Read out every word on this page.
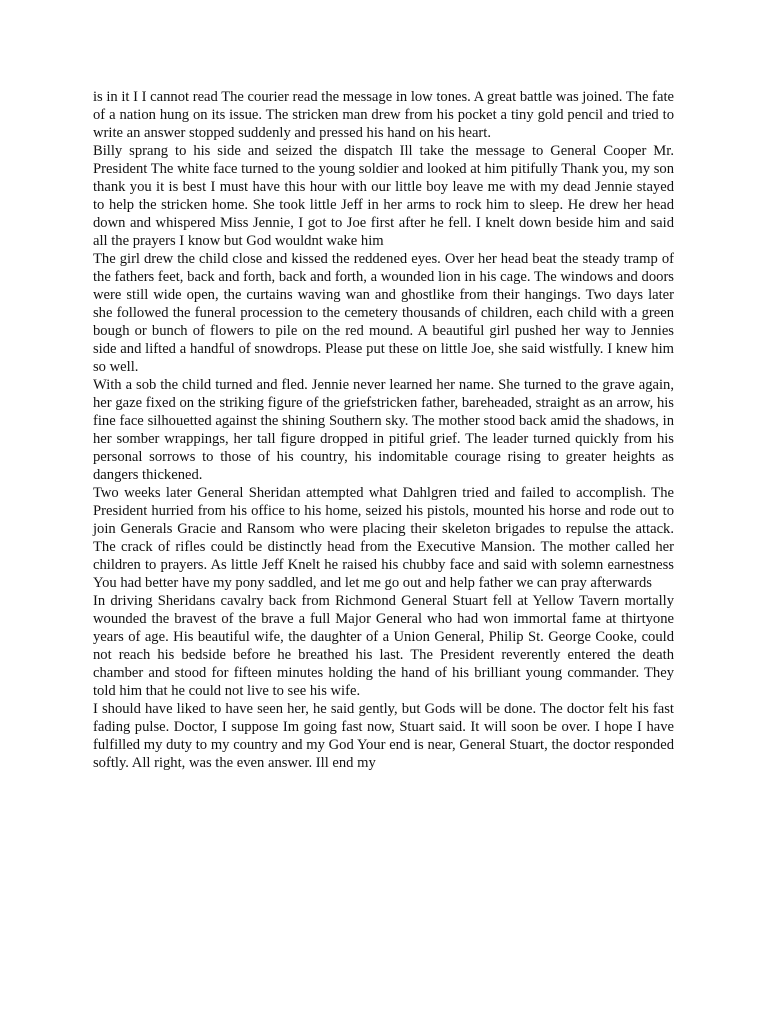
is in it I I cannot read The courier read the message in low tones. A great battle was joined. The fate of a nation hung on its issue. The stricken man drew from his pocket a tiny gold pencil and tried to write an answer stopped suddenly and pressed his hand on his heart.

Billy sprang to his side and seized the dispatch Ill take the message to General Cooper Mr. President The white face turned to the young soldier and looked at him pitifully Thank you, my son thank you it is best I must have this hour with our little boy leave me with my dead Jennie stayed to help the stricken home. She took little Jeff in her arms to rock him to sleep. He drew her head down and whispered Miss Jennie, I got to Joe first after he fell. I knelt down beside him and said all the prayers I know but God wouldnt wake him

The girl drew the child close and kissed the reddened eyes. Over her head beat the steady tramp of the fathers feet, back and forth, back and forth, a wounded lion in his cage. The windows and doors were still wide open, the curtains waving wan and ghostlike from their hangings. Two days later she followed the funeral procession to the cemetery thousands of children, each child with a green bough or bunch of flowers to pile on the red mound. A beautiful girl pushed her way to Jennies side and lifted a handful of snowdrops. Please put these on little Joe, she said wistfully. I knew him so well.

With a sob the child turned and fled. Jennie never learned her name. She turned to the grave again, her gaze fixed on the striking figure of the griefstricken father, bareheaded, straight as an arrow, his fine face silhouetted against the shining Southern sky. The mother stood back amid the shadows, in her somber wrappings, her tall figure dropped in pitiful grief. The leader turned quickly from his personal sorrows to those of his country, his indomitable courage rising to greater heights as dangers thickened.

Two weeks later General Sheridan attempted what Dahlgren tried and failed to accomplish. The President hurried from his office to his home, seized his pistols, mounted his horse and rode out to join Generals Gracie and Ransom who were placing their skeleton brigades to repulse the attack. The crack of rifles could be distinctly head from the Executive Mansion. The mother called her children to prayers. As little Jeff Knelt he raised his chubby face and said with solemn earnestness You had better have my pony saddled, and let me go out and help father we can pray afterwards

In driving Sheridans cavalry back from Richmond General Stuart fell at Yellow Tavern mortally wounded the bravest of the brave a full Major General who had won immortal fame at thirtyone years of age. His beautiful wife, the daughter of a Union General, Philip St. George Cooke, could not reach his bedside before he breathed his last. The President reverently entered the death chamber and stood for fifteen minutes holding the hand of his brilliant young commander. They told him that he could not live to see his wife.

I should have liked to have seen her, he said gently, but Gods will be done. The doctor felt his fast fading pulse. Doctor, I suppose Im going fast now, Stuart said. It will soon be over. I hope I have fulfilled my duty to my country and my God Your end is near, General Stuart, the doctor responded softly. All right, was the even answer. Ill end my
